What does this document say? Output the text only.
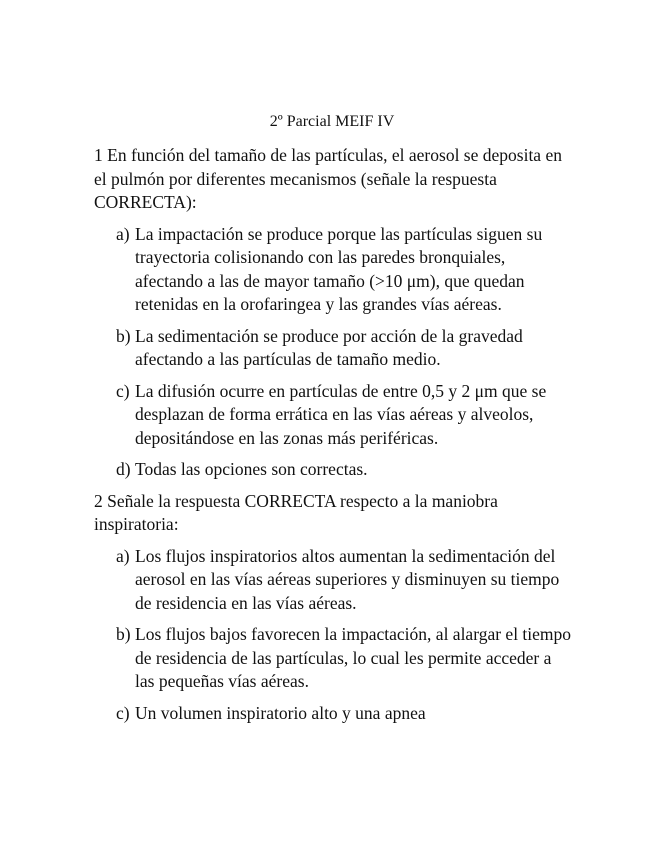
2º Parcial MEIF IV
1 En función del tamaño de las partículas, el aerosol se deposita en el pulmón por diferentes mecanismos (señale la respuesta CORRECTA):
a) La impactación se produce porque las partículas siguen su trayectoria colisionando con las paredes bronquiales, afectando a las de mayor tamaño (>10 μm), que quedan retenidas en la orofaringea y las grandes vías aéreas.
b) La sedimentación se produce por acción de la gravedad afectando a las partículas de tamaño medio.
c) La difusión ocurre en partículas de entre 0,5 y 2 μm que se desplazan de forma errática en las vías aéreas y alveolos, depositándose en las zonas más periféricas.
d) Todas las opciones son correctas.
2 Señale la respuesta CORRECTA respecto a la maniobra inspiratoria:
a) Los flujos inspiratorios altos aumentan la sedimentación del aerosol en las vías aéreas superiores y disminuyen su tiempo de residencia en las vías aéreas.
b) Los flujos bajos favorecen la impactación, al alargar el tiempo de residencia de las partículas, lo cual les permite acceder a las pequeñas vías aéreas.
c) Un volumen inspiratorio alto y una apnea
